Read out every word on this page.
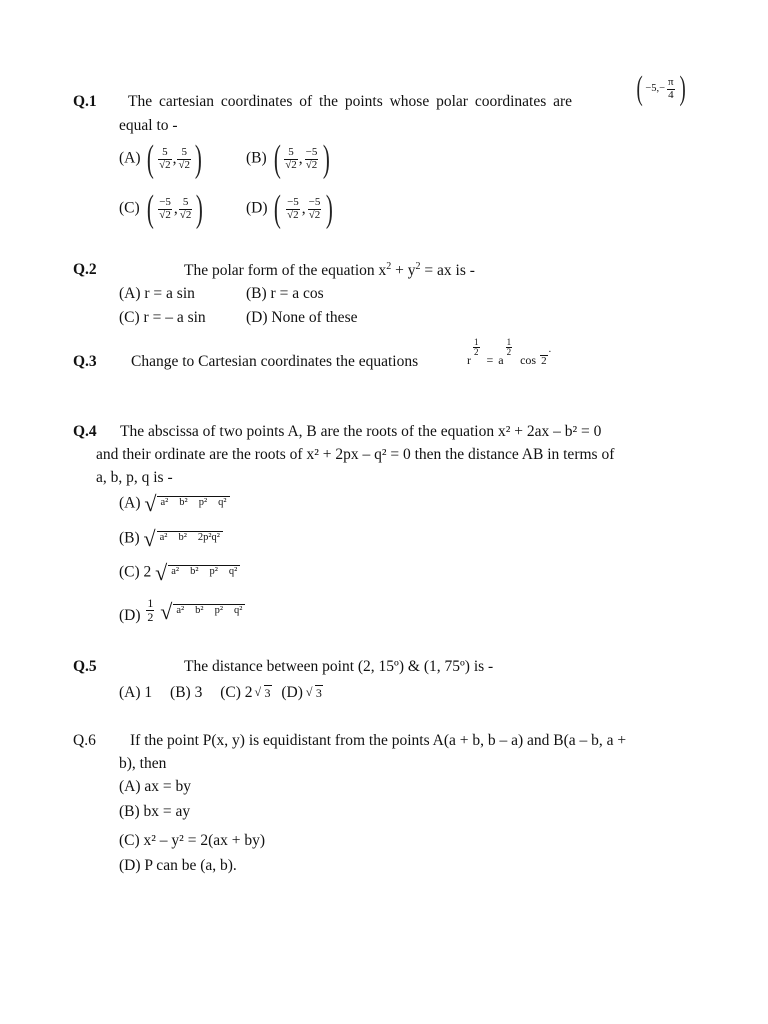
Q.1 The cartesian coordinates of the points whose polar coordinates are ( $-5,- \frac{\pi}{4}$ )
equal to -
(A) ( $\frac{5}{√2}$ , $\frac{5}{√2}$ )	(B) ( $\frac{5}{√2}$ , $\frac{-5}{√2}$ )
(C) ( $\frac{-5}{√2}$ , $\frac{5}{√2}$ )	(D) ( $\frac{-5}{√2}$ , $\frac{-5}{√2}$ )
Q.2	The polar form of the equation $x^2 + y^2$ = ax is -
(A) r = a sin	(B) r = a cos
(C) r = – a sin	(D) None of these
Q.3 Change to Cartesian coordinates the equations	r
$\frac{1}{2}$
= a
$\frac{1}{2}$
cos 2
.
Q.4 The abscissa of two points A, B are the roots of the equation x² + 2ax – b² = 0
and their ordinate are the roots of x² + 2px – q² = 0 then the distance AB in terms of
a, b, p, q is -
(A) √ a² b² p² q²
(B) √ a² b² 2p²q²
(C) 2 √ a² b² p² q²
$(D) \frac{1}{2}$
√ a² b² p² q²
Q.5	The distance between point (2, 15º) & (1, 75º) is -
(A) 1 (B) 3 (C) 2 √ 3 (D) √ 3
Q.6 If the point P(x, y) is equidistant from the points A(a + b, b – a) and B(a – b, a +
b), then
(A) ax = by
(B) bx = ay
(C) x² – y² = 2(ax + by)
(D) P can be (a, b).
